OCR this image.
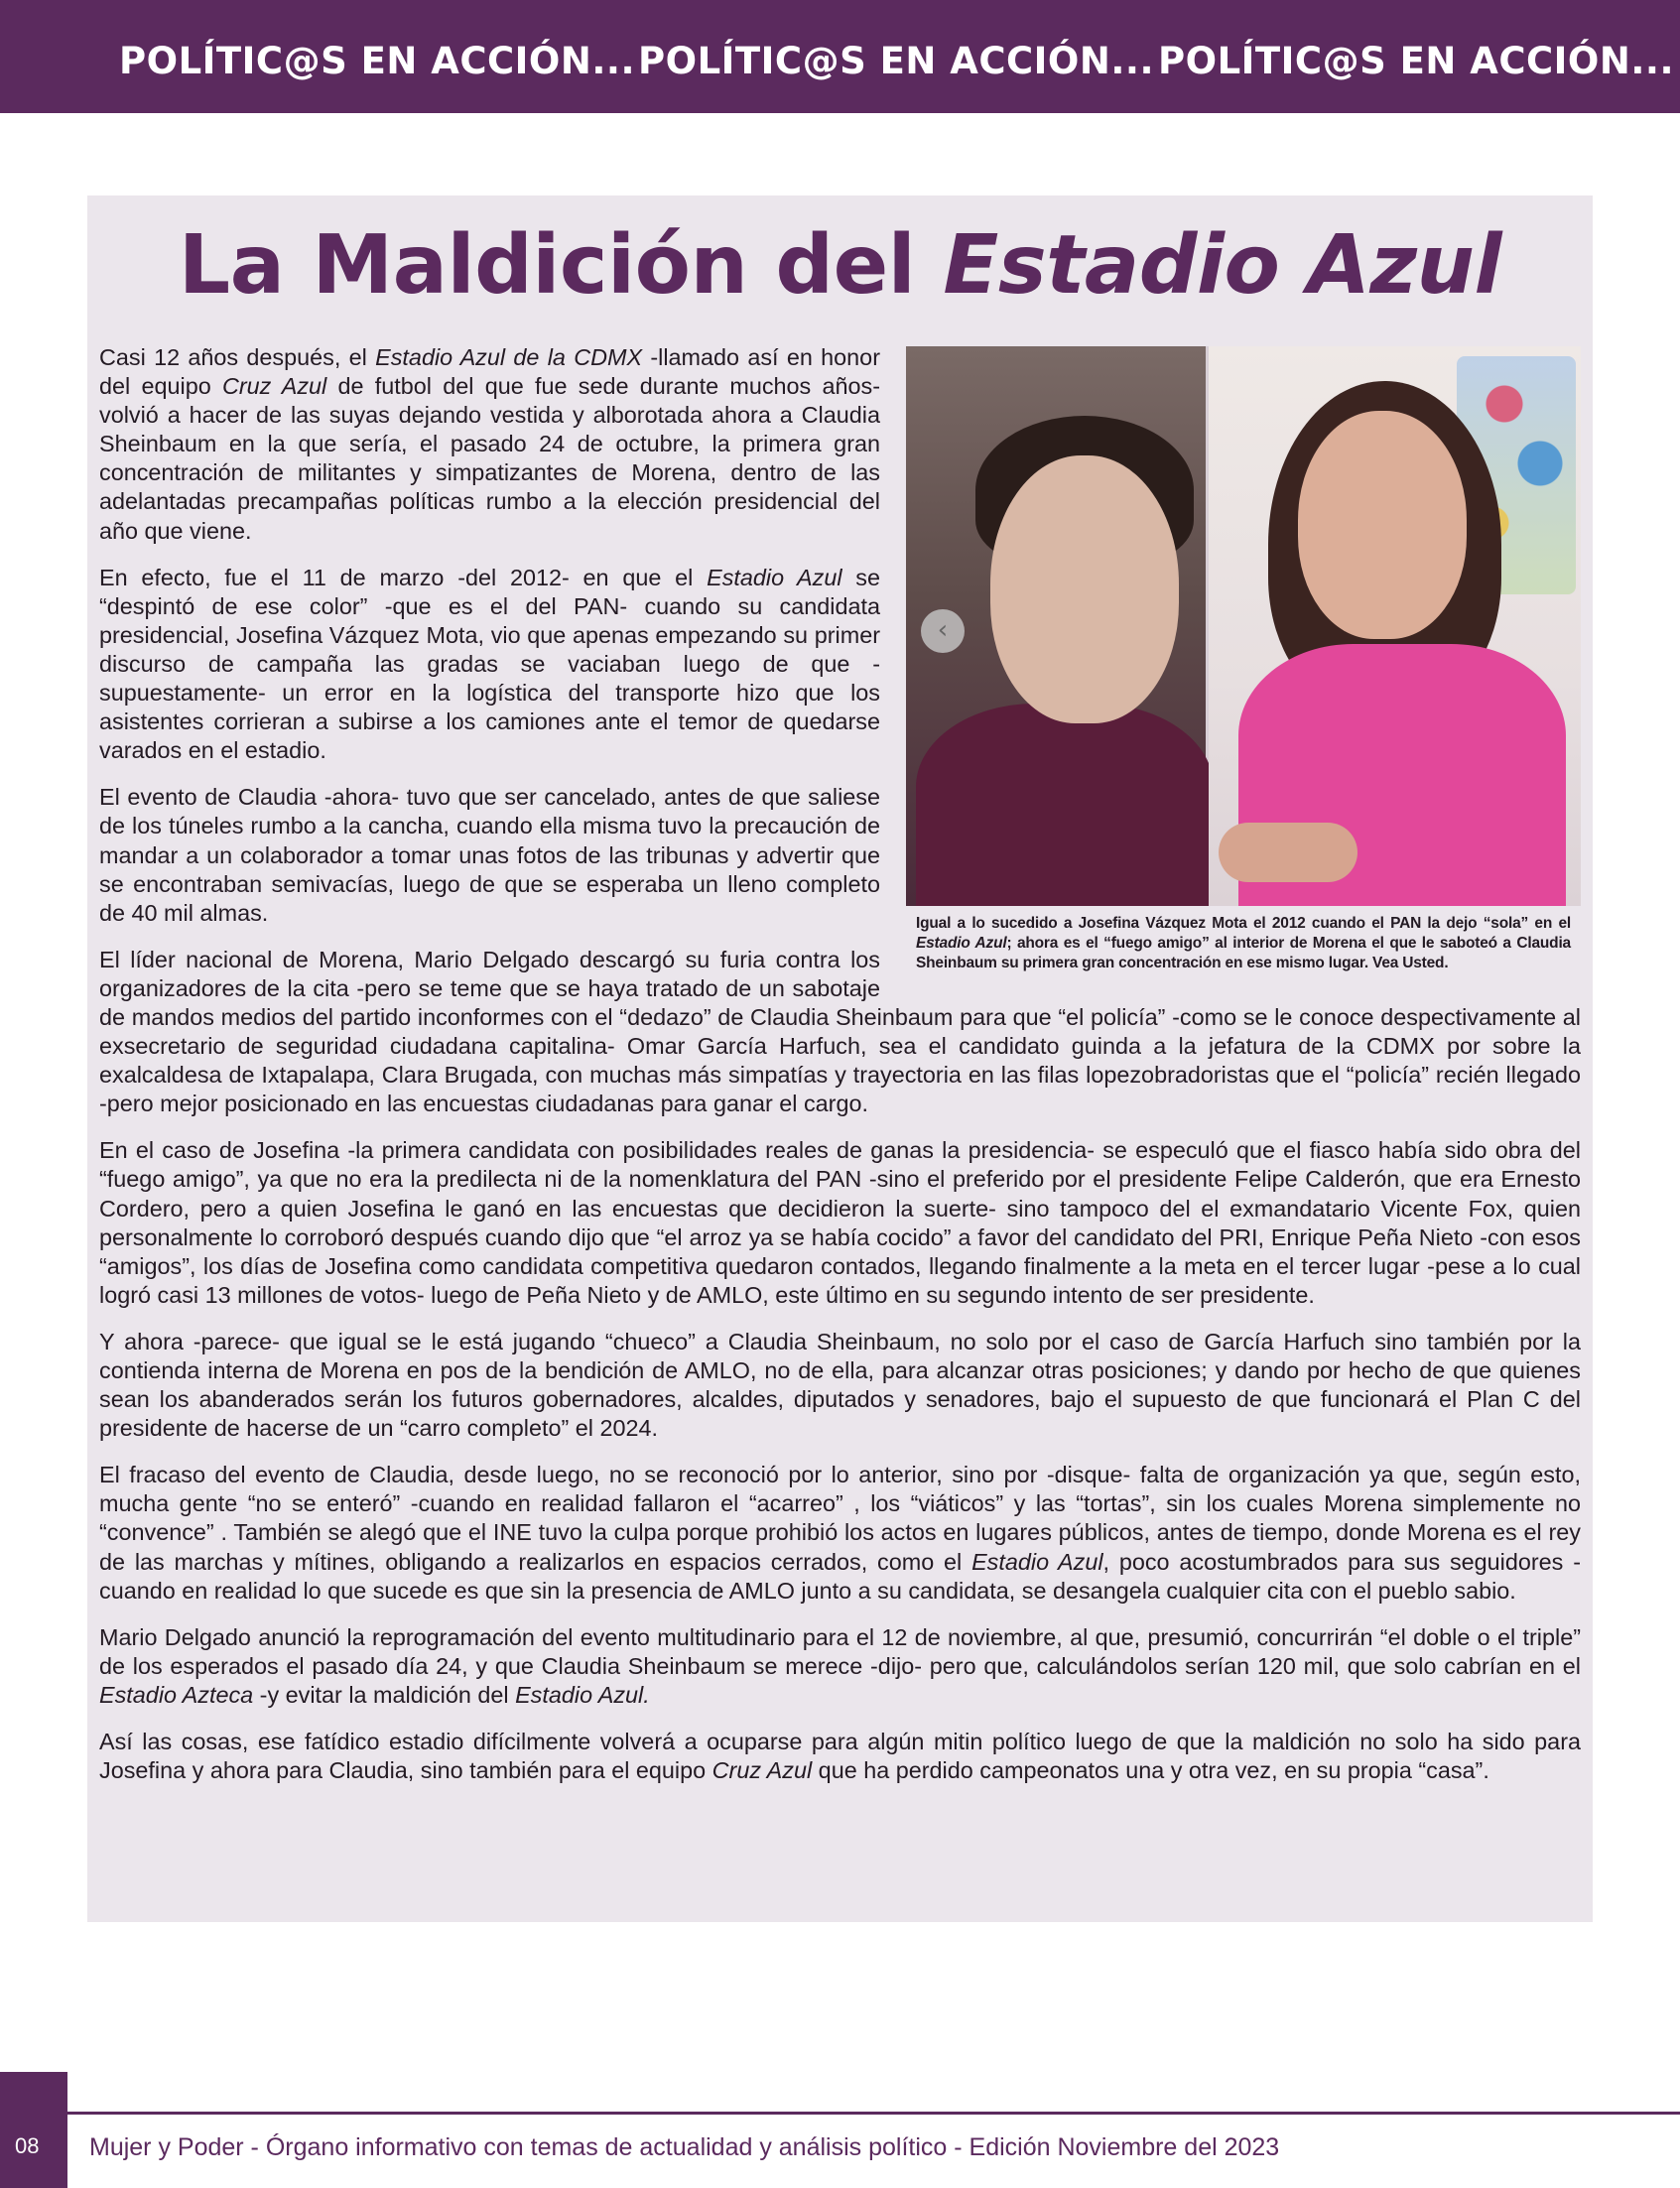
POLÍTIC@S EN ACCIÓN... POLÍTIC@S EN ACCIÓN... POLÍTIC@S EN ACCIÓN...
La Maldición del Estadio Azul
‹
Igual a lo sucedido a Josefina Vázquez Mota el 2012 cuando el PAN la dejo “sola” en el Estadio Azul; ahora es el “fuego amigo” al interior de Morena el que le saboteó a Claudia Sheinbaum su primera gran concentración en ese mismo lugar. Vea Usted.

Casi 12 años después, el Estadio Azul de la CDMX -llamado así en honor del equipo Cruz Azul de futbol del que fue sede durante muchos años- volvió a hacer de las suyas dejando vestida y alborotada ahora a Claudia Sheinbaum en la que sería, el pasado 24 de octubre, la primera gran concentración de militantes y simpatizantes de Morena, dentro de las adelantadas precampañas políticas rumbo a la elección presidencial del año que viene.

En efecto, fue el 11 de marzo -del 2012- en que el Estadio Azul se “despintó de ese color” -que es el del PAN- cuando su candidata presidencial, Josefina Vázquez Mota, vio que apenas empezando su primer discurso de campaña las gradas se vaciaban luego de que -supuestamente- un error en la logística del transporte hizo que los asistentes corrieran a subirse a los camiones ante el temor de quedarse varados en el estadio.

El evento de Claudia -ahora- tuvo que ser cancelado, antes de que saliese de los túneles rumbo a la cancha, cuando ella misma tuvo la precaución de mandar a un colaborador a tomar unas fotos de las tribunas y advertir que se encontraban semivacías, luego de que se esperaba un lleno completo de 40 mil almas.

El líder nacional de Morena, Mario Delgado descargó su furia contra los organizadores de la cita -pero se teme que se haya tratado de un sabotaje de mandos medios del partido inconformes con el “dedazo” de Claudia Sheinbaum para que “el policía” -como se le conoce despectivamente al exsecretario de seguridad ciudadana capitalina- Omar García Harfuch, sea el candidato guinda a la jefatura de la CDMX por sobre la exalcaldesa de Ixtapalapa, Clara Brugada, con muchas más simpatías y trayectoria en las filas lopezobradoristas que el “policía” recién llegado -pero mejor posicionado en las encuestas ciudadanas para ganar el cargo.

En el caso de Josefina -la primera candidata con posibilidades reales de ganas la presidencia- se especuló que el fiasco había sido obra del “fuego amigo”, ya que no era la predilecta ni de la nomenklatura del PAN -sino el preferido por el presidente Felipe Calderón, que era Ernesto Cordero, pero a quien Josefina le ganó en las encuestas que decidieron la suerte- sino tampoco del el exmandatario Vicente Fox, quien personalmente lo corroboró después cuando dijo que “el arroz ya se había cocido” a favor del candidato del PRI, Enrique Peña Nieto -con esos “amigos”, los días de Josefina como candidata competitiva quedaron contados, llegando finalmente a la meta en el tercer lugar -pese a lo cual logró casi 13 millones de votos- luego de Peña Nieto y de AMLO, este último en su segundo intento de ser presidente.

Y ahora -parece- que igual se le está jugando “chueco” a Claudia Sheinbaum, no solo por el caso de García Harfuch sino también por la contienda interna de Morena en pos de la bendición de AMLO, no de ella, para alcanzar otras posiciones; y dando por hecho de que quienes sean los abanderados serán los futuros gobernadores, alcaldes, diputados y senadores, bajo el supuesto de que funcionará el Plan C del presidente de hacerse de un “carro completo” el 2024.

El fracaso del evento de Claudia, desde luego, no se reconoció por lo anterior, sino por -disque- falta de organización ya que, según esto, mucha gente “no se enteró” -cuando en realidad fallaron el “acarreo” , los “viáticos” y las “tortas”, sin los cuales Morena simplemente no “convence” . También se alegó que el INE tuvo la culpa porque prohibió los actos en lugares públicos, antes de tiempo, donde Morena es el rey de las marchas y mítines, obligando a realizarlos en espacios cerrados, como el Estadio Azul, poco acostumbrados para sus seguidores -cuando en realidad lo que sucede es que sin la presencia de AMLO junto a su candidata, se desangela cualquier cita con el pueblo sabio.

Mario Delgado anunció la reprogramación del evento multitudinario para el 12 de noviembre, al que, presumió, concurrirán “el doble o el triple” de los esperados el pasado día 24, y que Claudia Sheinbaum se merece -dijo- pero que, calculándolos serían 120 mil, que solo cabrían en el Estadio Azteca -y evitar la maldición del Estadio Azul.

Así las cosas, ese fatídico estadio difícilmente volverá a ocuparse para algún mitin político luego de que la maldición no solo ha sido para Josefina y ahora para Claudia, sino también para el equipo Cruz Azul que ha perdido campeonatos una y otra vez, en su propia “casa”.

08 Mujer y Poder - Órgano informativo con temas de actualidad y análisis político - Edición Noviembre del 2023
